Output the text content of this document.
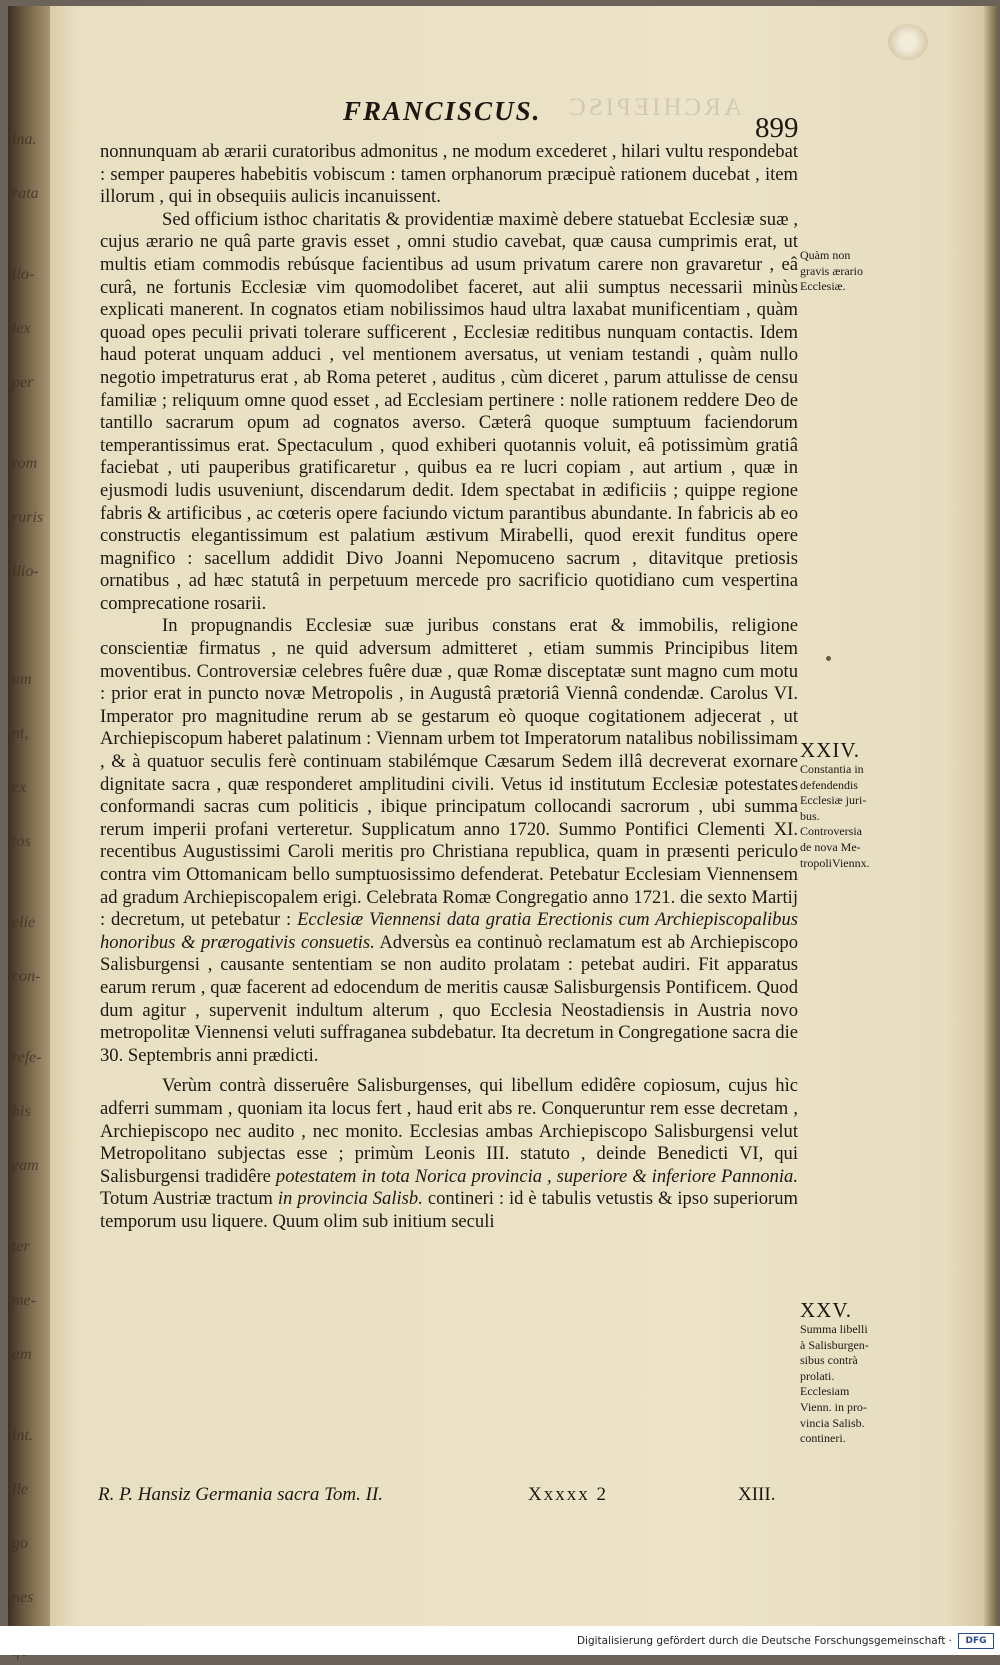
ina.

rata

ilo-

lex

per

rom

ruris

ilio-

am

nt,

ex

tos

elie

con-

refe-

his

eam

ter

me-

am

int.

lle

go

nes

ARCHIEPISC
FRANCISCUS.
899

nonnunquam ab ærarii curatoribus admonitus , ne modum excederet , hilari vultu respondebat : semper pauperes habebitis vobiscum : tamen orphanorum præcipuè rationem ducebat , item illorum , qui in obsequiis aulicis incanuissent.

Sed officium isthoc charitatis & providentiæ maximè debere statuebat Ecclesiæ suæ , cujus ærario ne quâ parte gravis esset , omni studio cavebat, quæ causa cumprimis erat, ut multis etiam commodis rebúsque facientibus ad usum privatum carere non gravaretur , eâ curâ, ne fortunis Ecclesiæ vim quomodolibet faceret, aut alii sumptus necessarii minùs explicati manerent. In cognatos etiam nobilissimos haud ultra laxabat munificentiam , quàm quoad opes peculii privati tolerare sufficerent , Ecclesiæ reditibus nunquam contactis. Idem haud poterat unquam adduci , vel mentionem aversatus, ut veniam testandi , quàm nullo negotio impetraturus erat , ab Roma peteret , auditus , cùm diceret , parum attulisse de censu familiæ ; reliquum omne quod esset , ad Ecclesiam pertinere : nolle rationem reddere Deo de tantillo sacrarum opum ad cognatos averso. Cæterâ quoque sumptuum faciendorum temperantissimus erat. Spectaculum , quod exhiberi quotannis voluit, eâ potissimùm gratiâ faciebat , uti pauperibus gratificaretur , quibus ea re lucri copiam , aut artium , quæ in ejusmodi ludis usuveniunt, discendarum dedit. Idem spectabat in ædificiis ; quippe regione fabris & artificibus , ac cœteris opere faciundo victum parantibus abundante. In fabricis ab eo constructis elegantissimum est palatium æstivum Mirabelli, quod erexit funditus opere magnifico : sacellum addidit Divo Joanni Nepomuceno sacrum , ditavitque pretiosis ornatibus , ad hæc statutâ in perpetuum mercede pro sacrificio quotidiano cum vespertina comprecatione rosarii.

In propugnandis Ecclesiæ suæ juribus constans erat & immobilis, religione conscientiæ firmatus , ne quid adversum admitteret , etiam summis Principibus litem moventibus. Controversiæ celebres fuêre duæ , quæ Romæ disceptatæ sunt magno cum motu : prior erat in puncto novæ Metropolis , in Augustâ prætoriâ Viennâ condendæ. Carolus VI. Imperator pro magnitudine rerum ab se gestarum eò quoque cogitationem adjecerat , ut Archiepiscopum haberet palatinum : Viennam urbem tot Imperatorum natalibus nobilissimam , & à quatuor seculis ferè continuam stabilémque Cæsarum Sedem illâ decreverat exornare dignitate sacra , quæ responderet amplitudini civili. Vetus id institutum Ecclesiæ potestates conformandi sacras cum politicis , ibique principatum collocandi sacrorum , ubi summa rerum imperii profani verteretur. Supplicatum anno 1720. Summo Pontifici Clementi XI. recentibus Augustissimi Caroli meritis pro Christiana republica, quam in præsenti periculo contra vim Ottomanicam bello sumptuosissimo defenderat. Petebatur Ecclesiam Viennensem ad gradum Archiepiscopalem erigi. Celebrata Romæ Congregatio anno 1721. die sexto Martij : decretum, ut petebatur : Ecclesiæ Viennensi data gratia Erectionis cum Archiepiscopalibus honoribus & prærogativis consuetis. Adversùs ea continuò reclamatum est ab Archiepiscopo Salisburgensi , causante sententiam se non audito prolatam : petebat audiri. Fit apparatus earum rerum , quæ facerent ad edocendum de meritis causæ Salisburgensis Pontificem. Quod dum agitur , supervenit indultum alterum , quo Ecclesia Neostadiensis in Austria novo metropolitæ Viennensi veluti suffraganea subdebatur. Ita decretum in Congregatione sacra die 30. Septembris anni prædicti.

Verùm contrà disseruêre Salisburgenses, qui libellum edidêre copiosum, cujus hìc adferri summam , quoniam ita locus fert , haud erit abs re. Conqueruntur rem esse decretam , Archiepiscopo nec audito , nec monito. Ecclesias ambas Archiepiscopo Salisburgensi velut Metropolitano subjectas esse ; primùm Leonis III. statuto , deinde Benedicti VI, qui Salisburgensi tradidêre potestatem in tota Norica provincia , superiore & inferiore Pannonia. Totum Austriæ tractum in provincia Salisb. contineri : id è tabulis vetustis & ipso superiorum temporum usu liquere. Quum olim sub initium seculi

Quàm non
gravis ærario
Ecclesiæ.
XXIV.
Constantia in
defendendis
Ecclesiæ juri-
bus.
Controversia
de nova Me-
tropoliViennx.
XXV.
Summa libelli
à Salisburgen-
sibus contrà
prolati.
Ecclesiam
Vienn. in pro-
vincia Salisb.
contineri.
R. P. Hansiz Germania sacra Tom. II.	Xxxxx 2	XIII.
Digitalisierung gefördert durch die Deutsche Forschungsgemeinschaft ·	DFG
